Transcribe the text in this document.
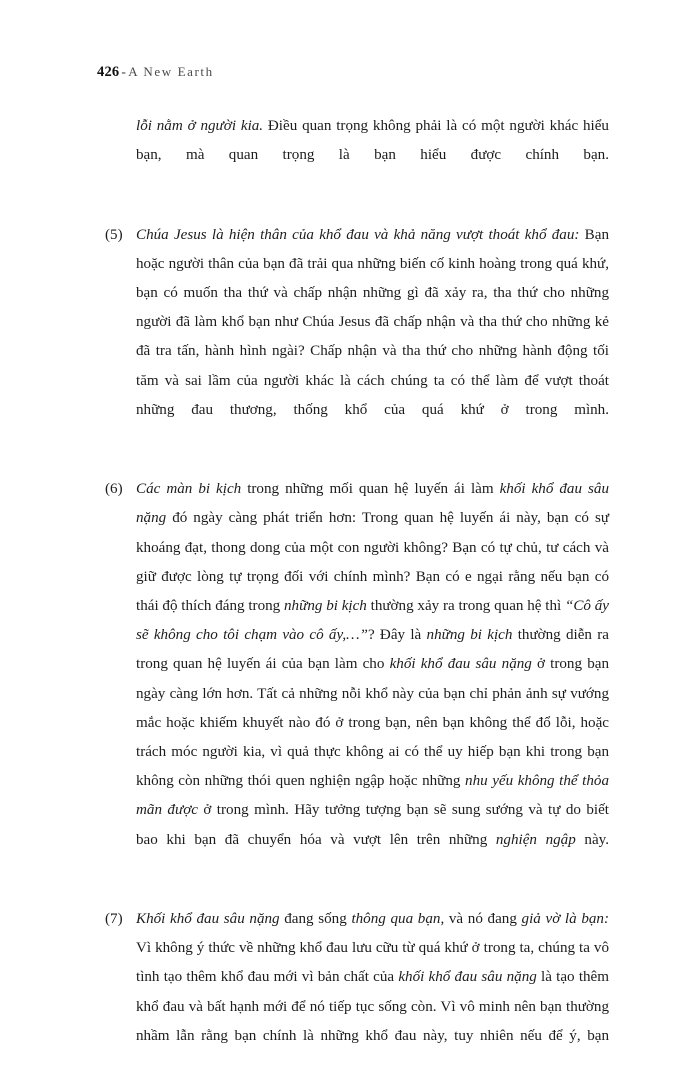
426 - A New Earth

lỗi nằm ở người kia. Điều quan trọng không phải là có một người khác hiểu bạn, mà quan trọng là bạn hiểu được chính bạn.

(5) Chúa Jesus là hiện thân của khổ đau và khả năng vượt thoát khổ đau: Bạn hoặc người thân của bạn đã trải qua những biến cố kinh hoàng trong quá khứ, bạn có muốn tha thứ và chấp nhận những gì đã xảy ra, tha thứ cho những người đã làm khổ bạn như Chúa Jesus đã chấp nhận và tha thứ cho những kẻ đã tra tấn, hành hình ngài? Chấp nhận và tha thứ cho những hành động tối tăm và sai lầm của người khác là cách chúng ta có thể làm để vượt thoát những đau thương, thống khổ của quá khứ ở trong mình.

(6) Các màn bi kịch trong những mối quan hệ luyến ái làm khối khổ đau sâu nặng đó ngày càng phát triển hơn: Trong quan hệ luyến ái này, bạn có sự khoáng đạt, thong dong của một con người không? Bạn có tự chủ, tư cách và giữ được lòng tự trọng đối với chính mình? Bạn có e ngại rằng nếu bạn có thái độ thích đáng trong những bi kịch thường xảy ra trong quan hệ thì “Cô ấy sẽ không cho tôi chạm vào cô ấy,…”? Đây là những bi kịch thường diễn ra trong quan hệ luyến ái của bạn làm cho khối khổ đau sâu nặng ở trong bạn ngày càng lớn hơn. Tất cả những nỗi khổ này của bạn chỉ phản ảnh sự vướng mắc hoặc khiếm khuyết nào đó ở trong bạn, nên bạn không thể đổ lỗi, hoặc trách móc người kia, vì quả thực không ai có thể uy hiếp bạn khi trong bạn không còn những thói quen nghiện ngập hoặc những nhu yếu không thể thỏa mãn được ở trong mình. Hãy tưởng tượng bạn sẽ sung sướng và tự do biết bao khi bạn đã chuyển hóa và vượt lên trên những nghiện ngập này.

(7) Khối khổ đau sâu nặng đang sống thông qua bạn, và nó đang giả vờ là bạn: Vì không ý thức về những khổ đau lưu cữu từ quá khứ ở trong ta, chúng ta vô tình tạo thêm khổ đau mới vì bản chất của khối khổ đau sâu nặng là tạo thêm khổ đau và bất hạnh mới để nó tiếp tục sống còn. Vì vô minh nên bạn thường nhầm lẫn rằng bạn chính là những khổ đau này, tuy nhiên nếu để ý, bạn
